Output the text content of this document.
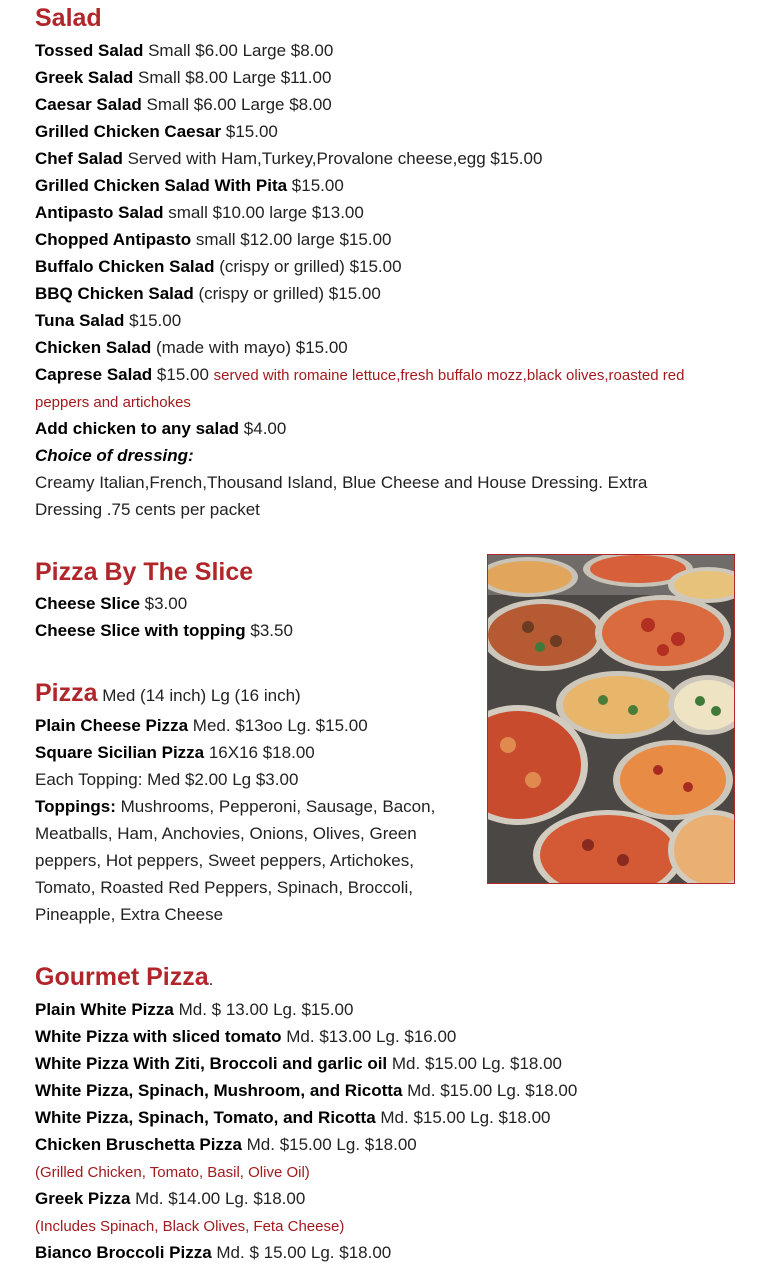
Salad
Tossed Salad Small $6.00 Large $8.00
Greek Salad Small $8.00 Large $11.00
Caesar Salad Small $6.00 Large $8.00
Grilled Chicken Caesar $15.00
Chef Salad Served with Ham,Turkey,Provalone cheese,egg $15.00
Grilled Chicken Salad With Pita $15.00
Antipasto Salad small $10.00 large $13.00
Chopped Antipasto small $12.00 large $15.00
Buffalo Chicken Salad (crispy or grilled) $15.00
BBQ Chicken Salad (crispy or grilled) $15.00
Tuna Salad $15.00
Chicken Salad (made with mayo) $15.00
Caprese Salad $15.00 served with romaine lettuce,fresh buffalo mozz,black olives,roasted red
peppers and artichokes
Add chicken to any salad $4.00
Choice of dressing:
Creamy Italian,French,Thousand Island, Blue Cheese and House Dressing. Extra
Dressing .75 cents per packet
Pizza By The Slice
Cheese Slice $3.00
Cheese Slice with topping $3.50
Pizza Med (14 inch) Lg (16 inch)
Plain Cheese Pizza Med. $13oo Lg. $15.00
Square Sicilian Pizza 16X16 $18.00
Each Topping: Med $2.00 Lg $3.00
Toppings: Mushrooms, Pepperoni, Sausage, Bacon,
Meatballs, Ham, Anchovies, Onions, Olives, Green
peppers, Hot peppers, Sweet peppers, Artichokes,
Tomato, Roasted Red Peppers, Spinach, Broccoli,
Pineapple, Extra Cheese
Gourmet Pizza.
Plain White Pizza Md. $ 13.00 Lg. $15.00
White Pizza with sliced tomato Md. $13.00 Lg. $16.00
White Pizza With Ziti, Broccoli and garlic oil Md. $15.00 Lg. $18.00
White Pizza, Spinach, Mushroom, and Ricotta Md. $15.00 Lg. $18.00
White Pizza, Spinach, Tomato, and Ricotta Md. $15.00 Lg. $18.00
Chicken Bruschetta Pizza Md. $15.00 Lg. $18.00
(Grilled Chicken, Tomato, Basil, Olive Oil)
Greek Pizza Md. $14.00 Lg. $18.00
(Includes Spinach, Black Olives, Feta Cheese)
Bianco Broccoli Pizza Md. $ 15.00 Lg. $18.00
